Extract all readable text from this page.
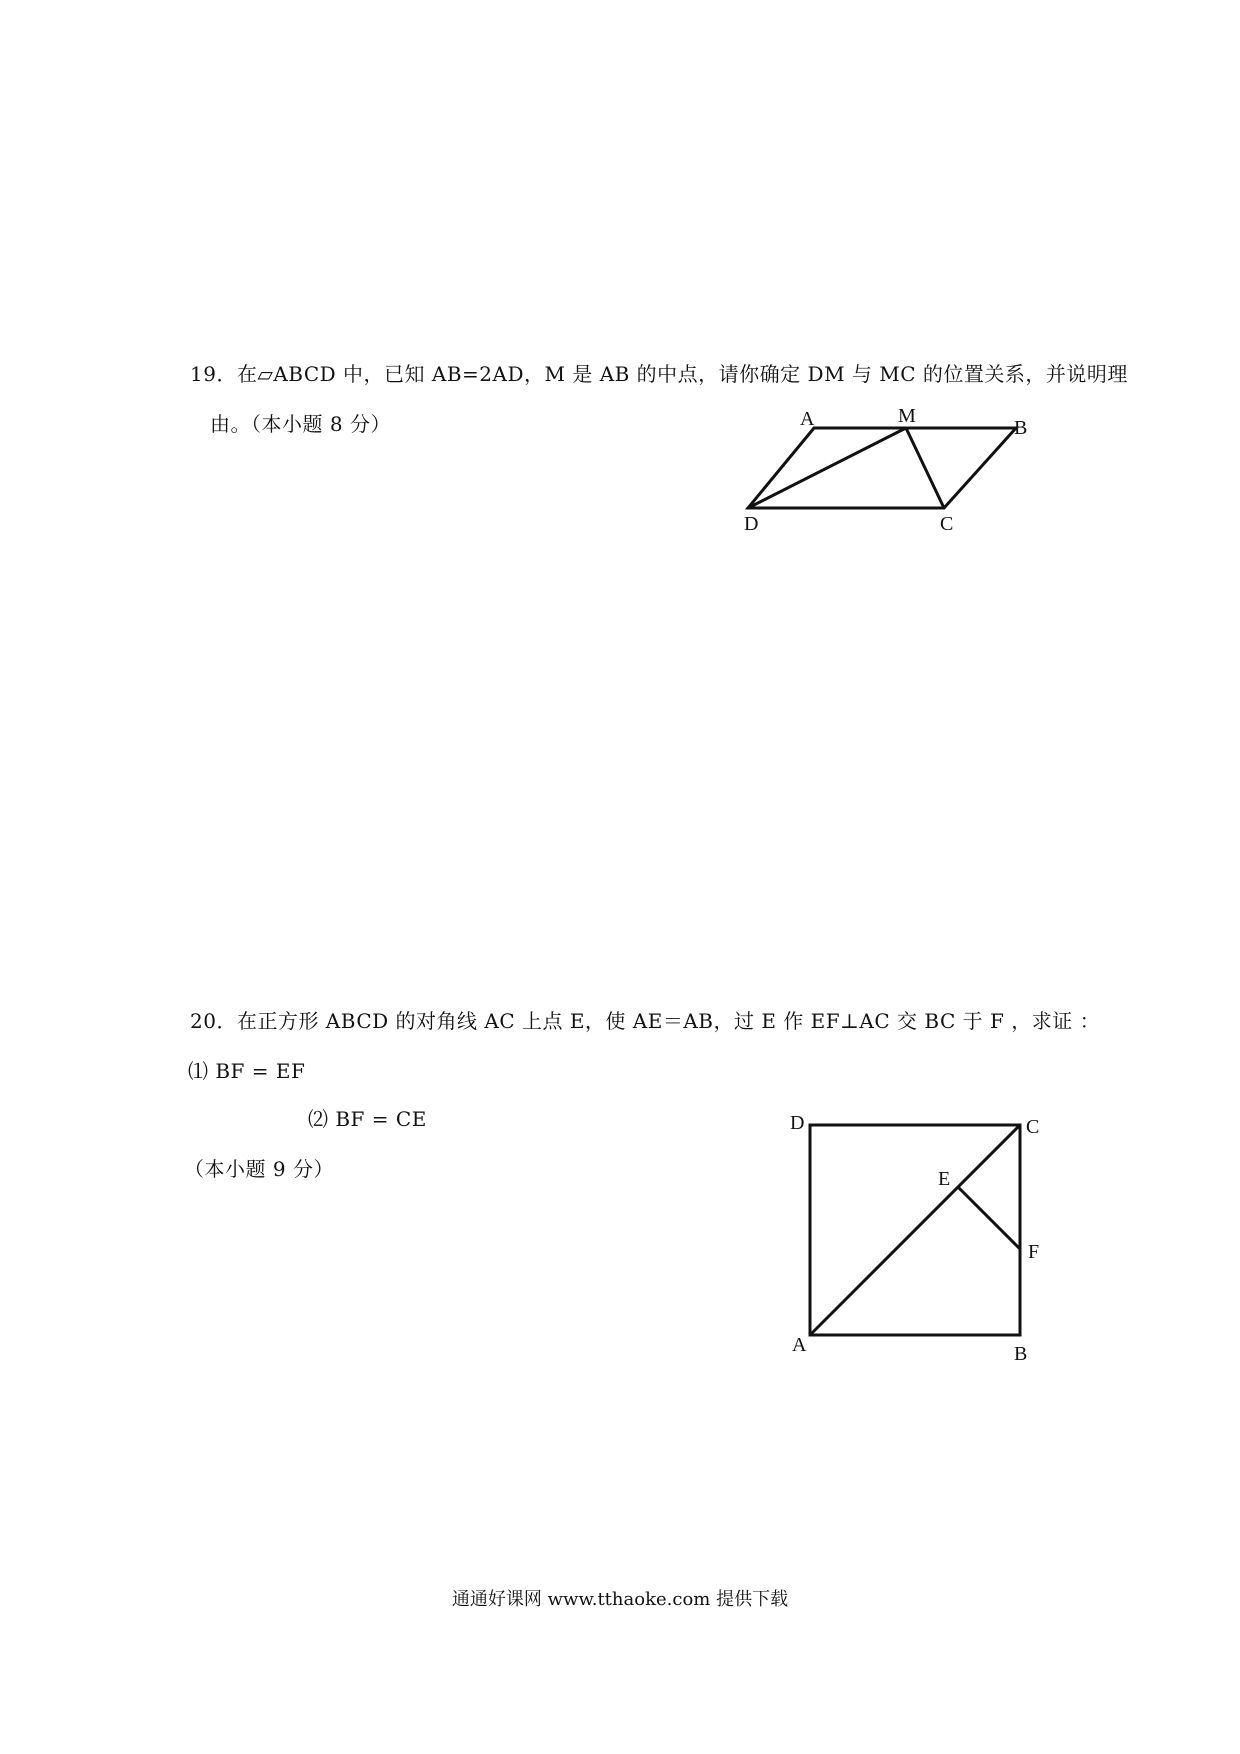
19．在▱ABCD 中，已知 AB=2AD，M 是 AB 的中点，请你确定 DM 与 MC 的位置关系，并说明理
由。（本小题 8 分）	A	M
B
D	C
20．在正方形 ABCD 的对角线 AC 上点 E，使 AE＝AB，过 E 作 EF⊥AC 交 BC 于 F ，求证 ：
⑴ BF = EF
⑵ BF = CE
（本小题 9 分）
D	C
E
F
A	B
通通好课网 www.tthaoke.com 提供下载
